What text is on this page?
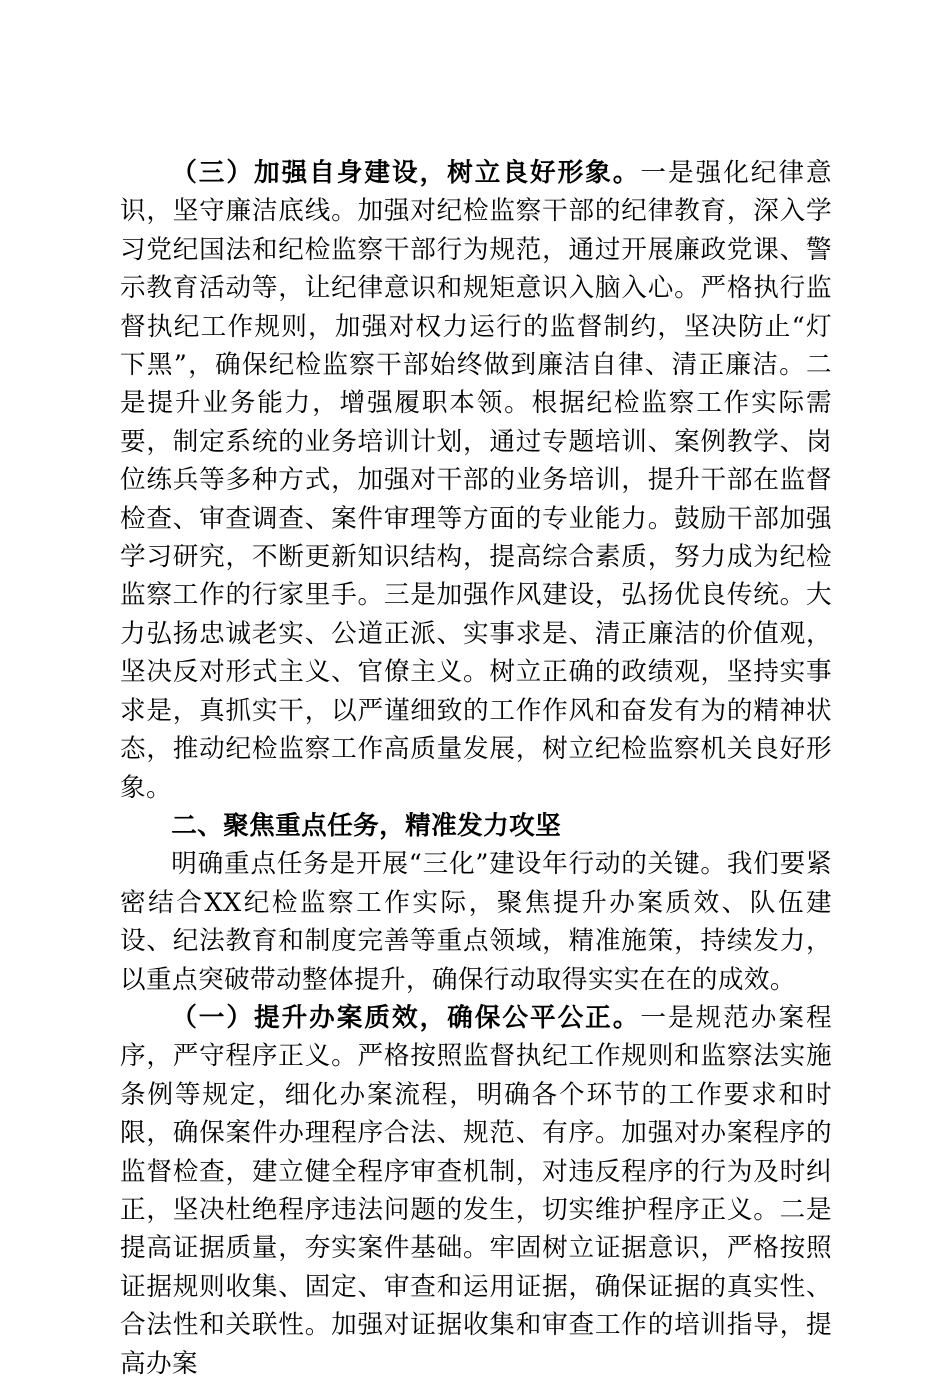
（三）加强自身建设，树立良好形象。一是强化纪律意识，坚守廉洁底线。加强对纪检监察干部的纪律教育，深入学习党纪国法和纪检监察干部行为规范，通过开展廉政党课、警示教育活动等，让纪律意识和规矩意识入脑入心。严格执行监督执纪工作规则，加强对权力运行的监督制约，坚决防止“灯下黑”，确保纪检监察干部始终做到廉洁自律、清正廉洁。二是提升业务能力，增强履职本领。根据纪检监察工作实际需要，制定系统的业务培训计划，通过专题培训、案例教学、岗位练兵等多种方式，加强对干部的业务培训，提升干部在监督检查、审查调查、案件审理等方面的专业能力。鼓励干部加强学习研究，不断更新知识结构，提高综合素质，努力成为纪检监察工作的行家里手。三是加强作风建设，弘扬优良传统。大力弘扬忠诚老实、公道正派、实事求是、清正廉洁的价值观，坚决反对形式主义、官僚主义。树立正确的政绩观，坚持实事求是，真抓实干，以严谨细致的工作作风和奋发有为的精神状态，推动纪检监察工作高质量发展，树立纪检监察机关良好形象。

二、聚焦重点任务，精准发力攻坚

明确重点任务是开展“三化”建设年行动的关键。我们要紧密结合XX纪检监察工作实际，聚焦提升办案质效、队伍建设、纪法教育和制度完善等重点领域，精准施策，持续发力，以重点突破带动整体提升，确保行动取得实实在在的成效。

（一）提升办案质效，确保公平公正。一是规范办案程序，严守程序正义。严格按照监督执纪工作规则和监察法实施条例等规定，细化办案流程，明确各个环节的工作要求和时限，确保案件办理程序合法、规范、有序。加强对办案程序的监督检查，建立健全程序审查机制，对违反程序的行为及时纠正，坚决杜绝程序违法问题的发生，切实维护程序正义。二是提高证据质量，夯实案件基础。牢固树立证据意识，严格按照证据规则收集、固定、审查和运用证据，确保证据的真实性、合法性和关联性。加强对证据收集和审查工作的培训指导，提高办案
